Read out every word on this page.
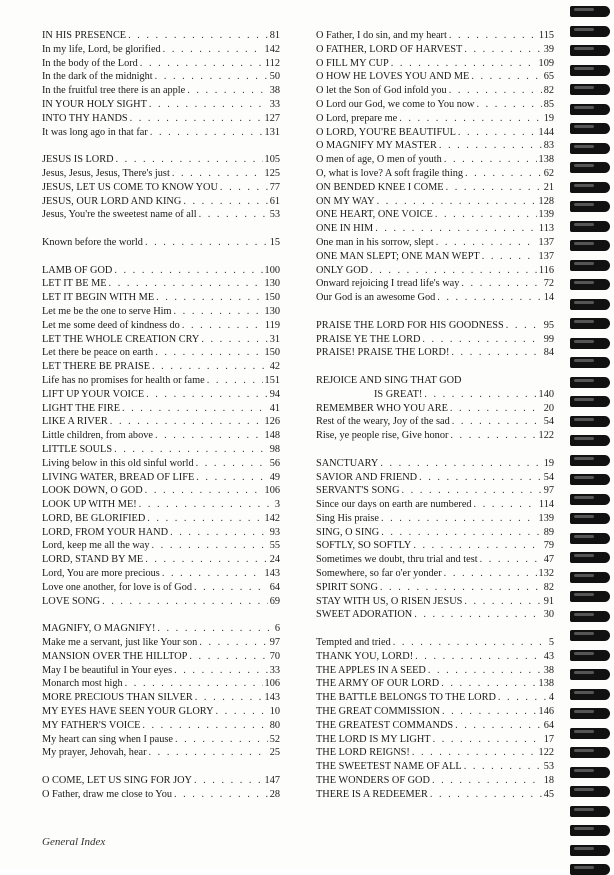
IN HIS PRESENCE . . .	81
In my life, Lord, be glorified . . .	142
In the body of the Lord . . .	112
In the dark of the midnight . . .	50
In the fruitful tree there is an apple . . .	38
IN YOUR HOLY SIGHT . . .	33
INTO THY HANDS . . .	127
It was long ago in that far . . .	131
JESUS IS LORD . . .	105
Jesus, Jesus, Jesus, There's just . . .	125
JESUS, LET US COME TO KNOW YOU . . .	77
JESUS, OUR LORD AND KING . . .	61
Jesus, You're the sweetest name of all . . .	53
Known before the world . . .	15
LAMB OF GOD . . .	100
LET IT BE ME . . .	130
LET IT BEGIN WITH ME . . .	150
Let me be the one to serve Him . . .	130
Let me some deed of kindness do . . .	119
LET THE WHOLE CREATION CRY . . .	31
Let there be peace on earth . . .	150
LET THERE BE PRAISE . . .	42
Life has no promises for health or fame . . .	151
LIFT UP YOUR VOICE . . .	94
LIGHT THE FIRE . . .	41
LIKE A RIVER . . .	126
Little children, from above . . .	148
LITTLE SOULS . . .	98
Living below in this old sinful world . . .	56
LIVING WATER, BREAD OF LIFE . . .	49
LOOK DOWN, O GOD . . .	106
LOOK UP WITH ME! . . .	3
LORD, BE GLORIFIED . . .	142
LORD, FROM YOUR HAND . . .	93
Lord, keep me all the way . . .	55
LORD, STAND BY ME . . .	24
Lord, You are more precious . . .	143
Love one another, for love is of God . . .	64
LOVE SONG . . .	69
MAGNIFY, O MAGNIFY! . . .	6
Make me a servant, just like Your son . . .	97
MANSION OVER THE HILLTOP . . .	70
May I be beautiful in Your eyes . . .	33
Monarch most high . . .	106
MORE PRECIOUS THAN SILVER . . .	143
MY EYES HAVE SEEN YOUR GLORY . . .	10
MY FATHER'S VOICE . . .	80
My heart can sing when I pause . . .	52
My prayer, Jehovah, hear . . .	25
O COME, LET US SING FOR JOY . . .	147
O Father, draw me close to You . . .	28
O Father, I do sin, and my heart . . .	115
O FATHER, LORD OF HARVEST . . .	39
O FILL MY CUP . . .	109
O HOW HE LOVES YOU AND ME . . .	65
O let the Son of God infold you . . .	82
O Lord our God, we come to You now . . .	85
O Lord, prepare me . . .	19
O LORD, YOU'RE BEAUTIFUL . . .	144
O MAGNIFY MY MASTER . . .	83
O men of age, O men of youth . . .	138
O, what is love? A soft fragile thing . . .	62
ON BENDED KNEE I COME . . .	21
ON MY WAY . . .	128
ONE HEART, ONE VOICE . . .	139
ONE IN HIM . . .	113
One man in his sorrow, slept . . .	137
ONE MAN SLEPT; ONE MAN WEPT . . .	137
ONLY GOD . . .	116
Onward rejoicing I tread life's way . . .	72
Our God is an awesome God . . .	14
PRAISE THE LORD FOR HIS GOODNESS . . .	95
PRAISE YE THE LORD . . .	99
PRAISE! PRAISE THE LORD! . . .	84
REJOICE AND SING THAT GOD
IS GREAT! . . .	140
REMEMBER WHO YOU ARE . . .	20
Rest of the weary, Joy of the sad . . .	54
Rise, ye people rise, Give honor . . .	122
SANCTUARY . . .	19
SAVIOR AND FRIEND . . .	54
SERVANT'S SONG . . .	97
Since our days on earth are numbered . . .	114
Sing His praise . . .	139
SING, O SING . . .	89
SOFTLY, SO SOFTLY . . .	79
Sometimes we doubt, thru trial and test . . .	47
Somewhere, so far o'er yonder . . .	132
SPIRIT SONG . . .	82
STAY WITH US, O RISEN JESUS . . .	91
SWEET ADORATION . . .	30
Tempted and tried . . .	5
THANK YOU, LORD! . . .	43
THE APPLES IN A SEED . . .	38
THE ARMY OF OUR LORD . . .	138
THE BATTLE BELONGS TO THE LORD . . .	4
THE GREAT COMMISSION . . .	146
THE GREATEST COMMANDS . . .	64
THE LORD IS MY LIGHT . . .	17
THE LORD REIGNS! . . .	122
THE SWEETEST NAME OF ALL . . .	53
THE WONDERS OF GOD . . .	18
THERE IS A REDEEMER . . .	45
General Index
